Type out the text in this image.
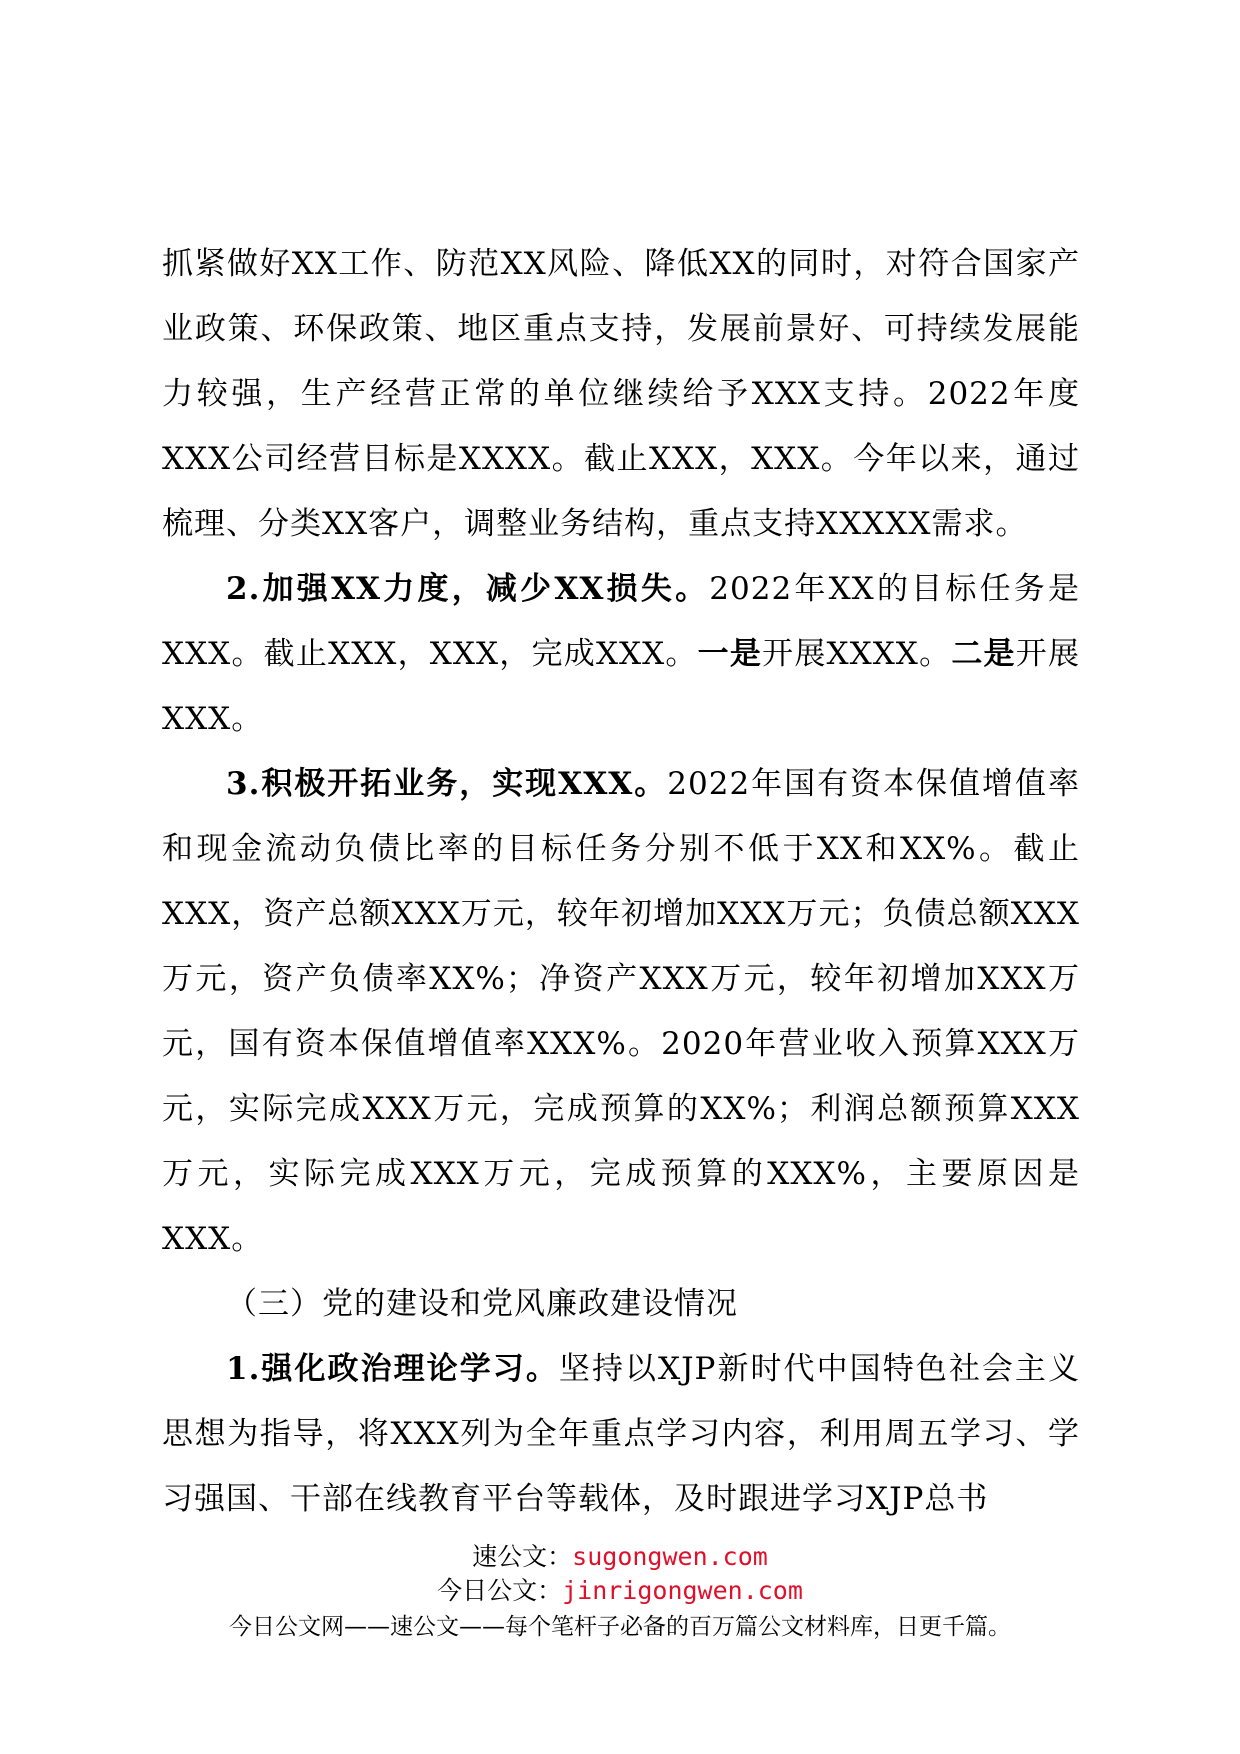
抓紧做好XX工作、防范XX风险、降低XX的同时，对符合国家产业政策、环保政策、地区重点支持，发展前景好、可持续发展能力较强，生产经营正常的单位继续给予XXX支持。2022年度XXX公司经营目标是XXXX。截止XXX，XXX。今年以来，通过梳理、分类XX客户，调整业务结构，重点支持XXXXX需求。

2.加强XX力度，减少XX损失。2022年XX的目标任务是XXX。截止XXX，XXX，完成XXX。一是开展XXXX。二是开展XXX。

3.积极开拓业务，实现XXX。2022年国有资本保值增值率和现金流动负债比率的目标任务分别不低于XX和XX%。截止XXX，资产总额XXX万元，较年初增加XXX万元；负债总额XXX万元，资产负债率XX%；净资产XXX万元，较年初增加XXX万元，国有资本保值增值率XXX%。2020年营业收入预算XXX万元，实际完成XXX万元，完成预算的XX%；利润总额预算XXX万元，实际完成XXX万元，完成预算的XXX%，主要原因是XXX。

（三）党的建设和党风廉政建设情况

1.强化政治理论学习。坚持以XJP新时代中国特色社会主义思想为指导，将XXX列为全年重点学习内容，利用周五学习、学习强国、干部在线教育平台等载体，及时跟进学习XJP总书

速公文：sugongwen.com

今日公文：jinrigongwen.com

今日公文网——速公文——每个笔杆子必备的百万篇公文材料库，日更千篇。
